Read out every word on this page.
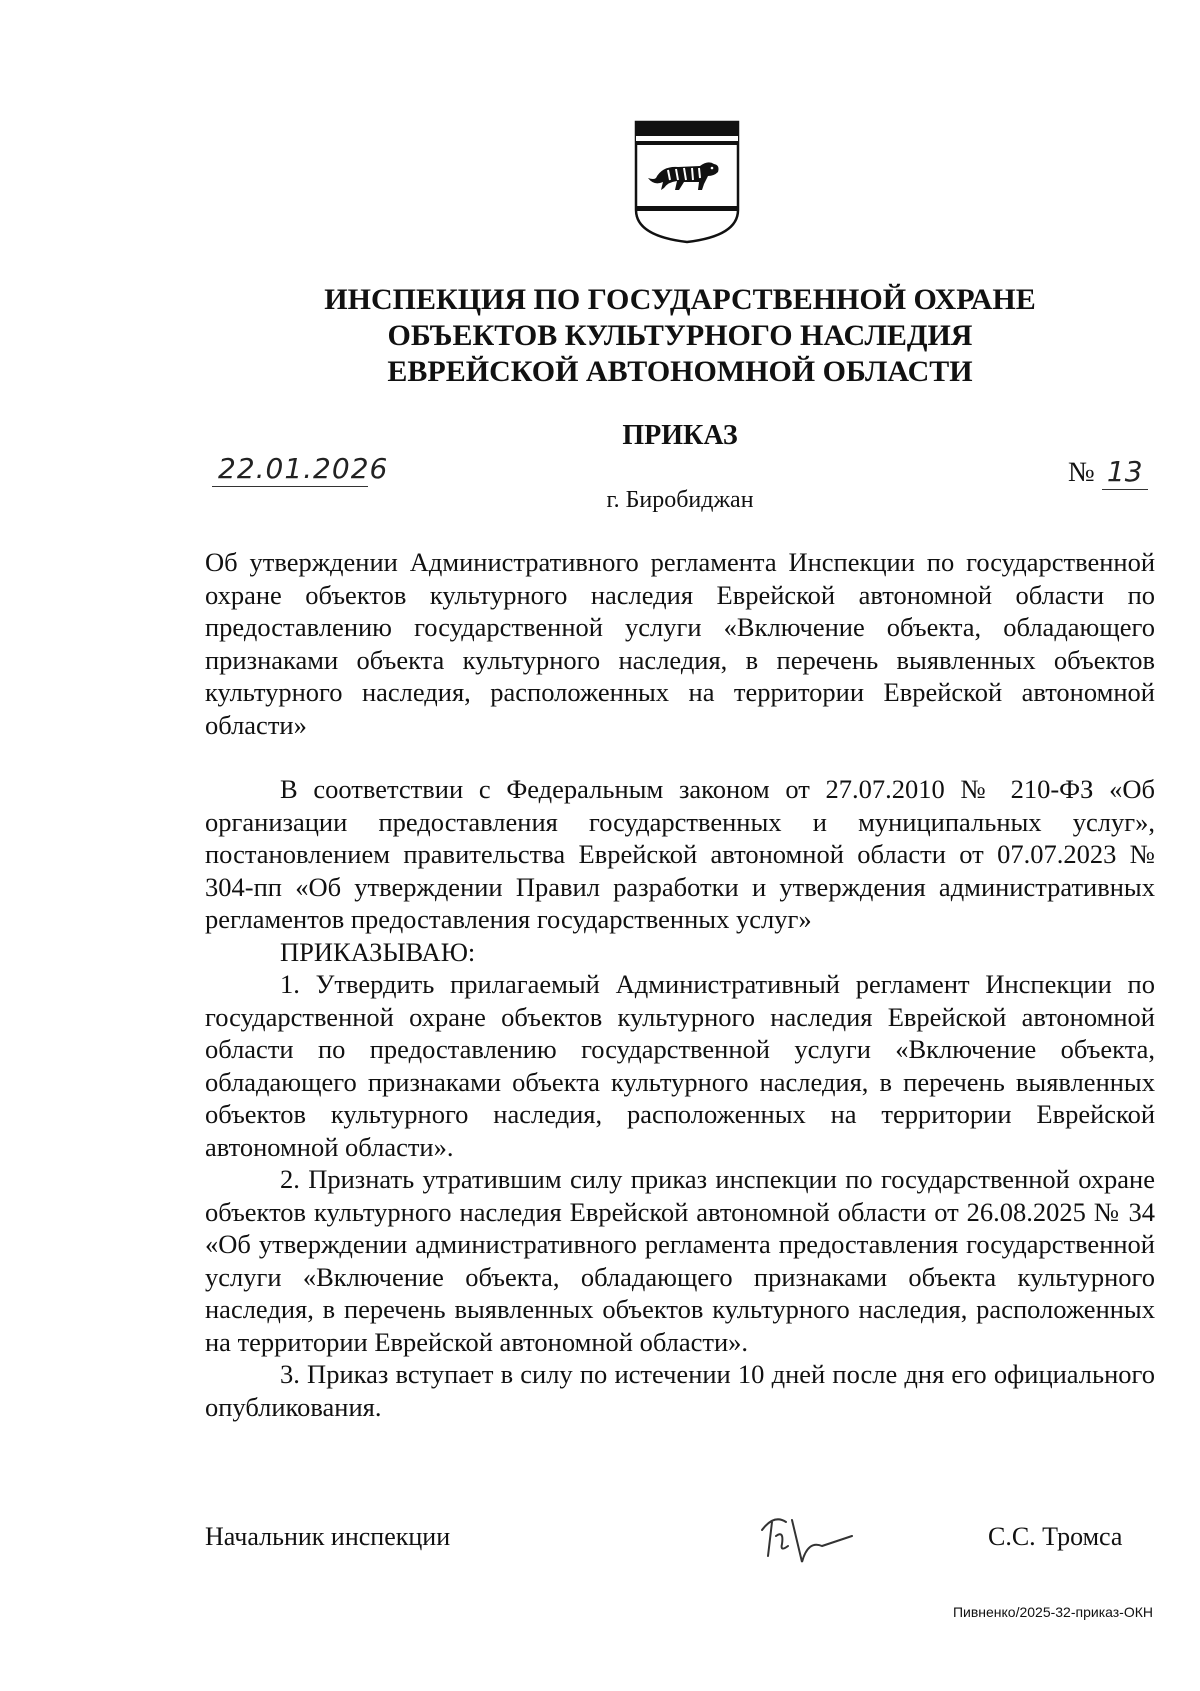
ИНСПЕКЦИЯ ПО ГОСУДАРСТВЕННОЙ ОХРАНЕ
ОБЪЕКТОВ КУЛЬТУРНОГО НАСЛЕДИЯ
ЕВРЕЙСКОЙ АВТОНОМНОЙ ОБЛАСТИ
ПРИКАЗ
22.01.2026	№ 13
г. Биробиджан
Об утверждении Административного регламента Инспекции по государственной охране объектов культурного наследия Еврейской автономной области по предоставлению государственной услуги «Включение объекта, обладающего признаками объекта культурного наследия, в перечень выявленных объектов культурного наследия, расположенных на территории Еврейской автономной области»

В соответствии с Федеральным законом от 27.07.2010 № 210-ФЗ «Об организации предоставления государственных и муниципальных услуг», постановлением правительства Еврейской автономной области от 07.07.2023 № 304-пп «Об утверждении Правил разработки и утверждения административных регламентов предоставления государственных услуг»

ПРИКАЗЫВАЮ:

1. Утвердить прилагаемый Административный регламент Инспекции по государственной охране объектов культурного наследия Еврейской автономной области по предоставлению государственной услуги «Включение объекта, обладающего признаками объекта культурного наследия, в перечень выявленных объектов культурного наследия, расположенных на территории Еврейской автономной области».

2. Признать утратившим силу приказ инспекции по государственной охране объектов культурного наследия Еврейской автономной области от 26.08.2025 № 34 «Об утверждении административного регламента предоставления государственной услуги «Включение объекта, обладающего признаками объекта культурного наследия, в перечень выявленных объектов культурного наследия, расположенных на территории Еврейской автономной области».

3. Приказ вступает в силу по истечении 10 дней после дня его официального опубликования.

Начальник инспекции	С.С. Тромса
Пивненко/2025-32-приказ-ОКН
